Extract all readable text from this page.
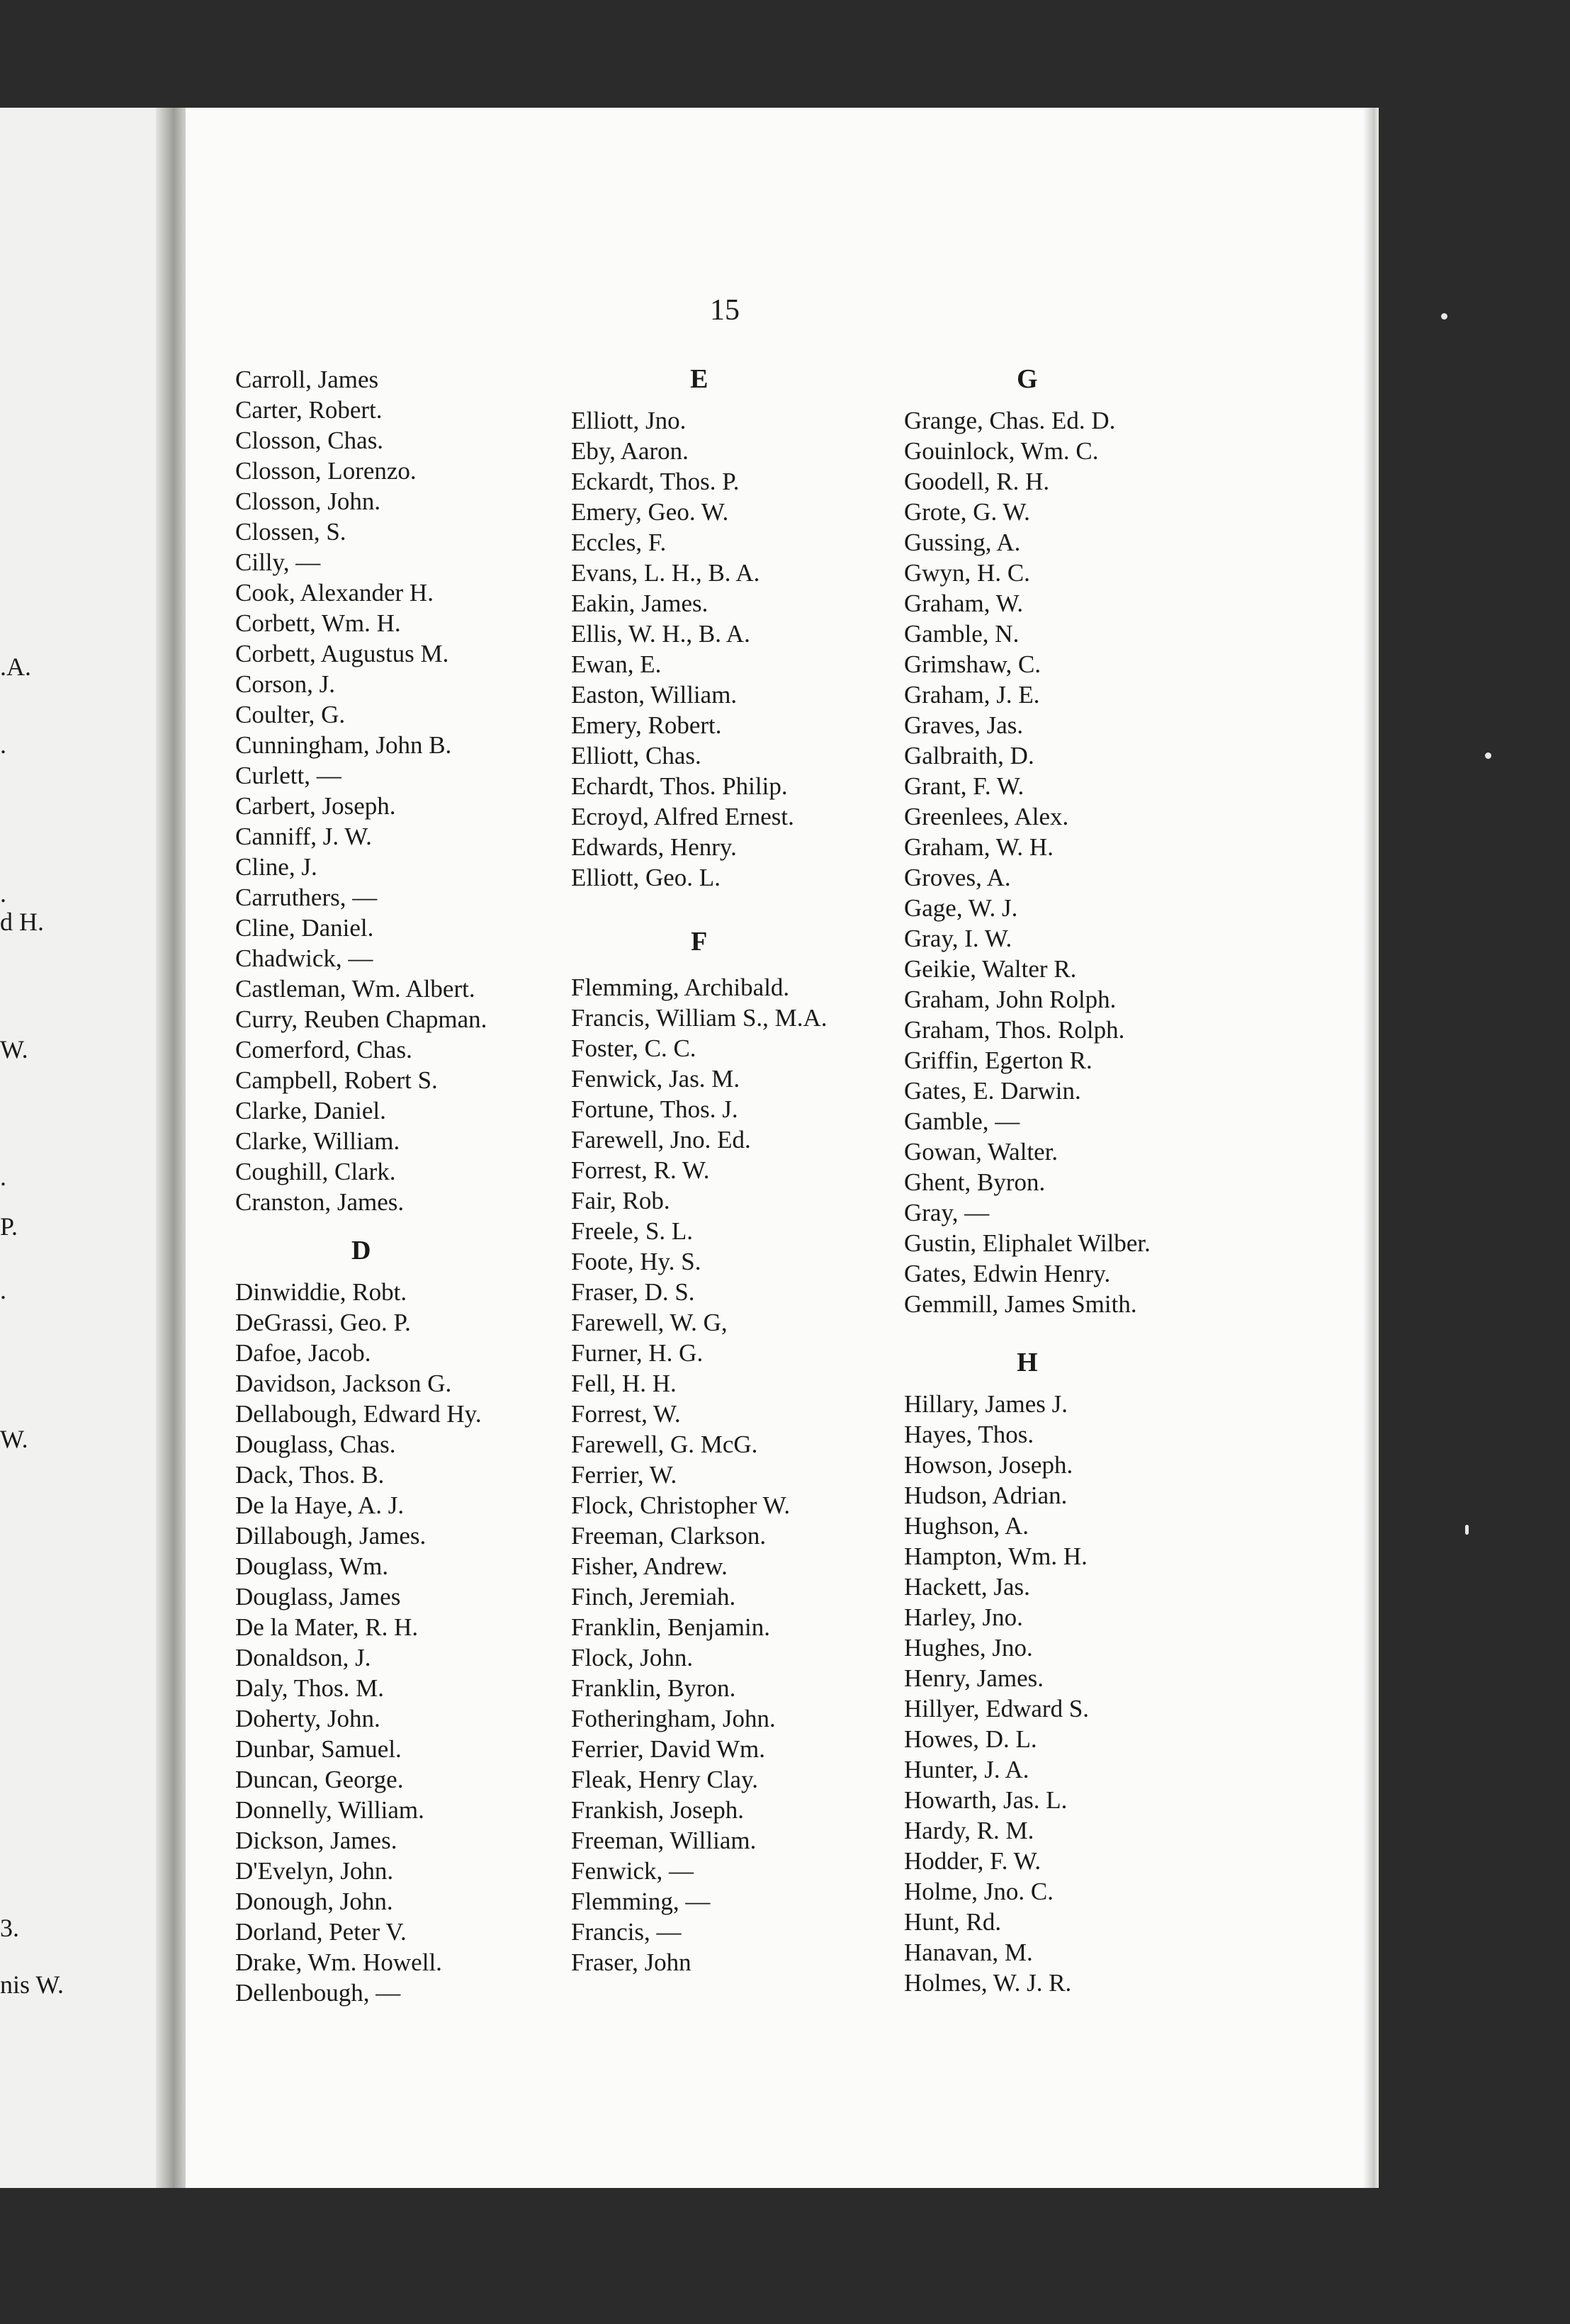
.A.
.
.
d H.
W.
.
P.
.
W.
3.
nis W.
15
Carroll, James
Carter, Robert.
Closson, Chas.
Closson, Lorenzo.
Closson, John.
Clossen, S.
Cilly, —
Cook, Alexander H.
Corbett, Wm. H.
Corbett, Augustus M.
Corson, J.
Coulter, G.
Cunningham, John B.
Curlett, —
Carbert, Joseph.
Canniff, J. W.
Cline, J.
Carruthers, —
Cline, Daniel.
Chadwick, —
Castleman, Wm. Albert.
Curry, Reuben Chapman.
Comerford, Chas.
Campbell, Robert S.
Clarke, Daniel.
Clarke, William.
Coughill, Clark.
Cranston, James.
D
Dinwiddie, Robt.
DeGrassi, Geo. P.
Dafoe, Jacob.
Davidson, Jackson G.
Dellabough, Edward Hy.
Douglass, Chas.
Dack, Thos. B.
De la Haye, A. J.
Dillabough, James.
Douglass, Wm.
Douglass, James
De la Mater, R. H.
Donaldson, J.
Daly, Thos. M.
Doherty, John.
Dunbar, Samuel.
Duncan, George.
Donnelly, William.
Dickson, James.
D'Evelyn, John.
Donough, John.
Dorland, Peter V.
Drake, Wm. Howell.
Dellenbough, —
E
Elliott, Jno.
Eby, Aaron.
Eckardt, Thos. P.
Emery, Geo. W.
Eccles, F.
Evans, L. H., B. A.
Eakin, James.
Ellis, W. H., B. A.
Ewan, E.
Easton, William.
Emery, Robert.
Elliott, Chas.
Echardt, Thos. Philip.
Ecroyd, Alfred Ernest.
Edwards, Henry.
Elliott, Geo. L.
F
Flemming, Archibald.
Francis, William S., M.A.
Foster, C. C.
Fenwick, Jas. M.
Fortune, Thos. J.
Farewell, Jno. Ed.
Forrest, R. W.
Fair, Rob.
Freele, S. L.
Foote, Hy. S.
Fraser, D. S.
Farewell, W. G,
Furner, H. G.
Fell, H. H.
Forrest, W.
Farewell, G. McG.
Ferrier, W.
Flock, Christopher W.
Freeman, Clarkson.
Fisher, Andrew.
Finch, Jeremiah.
Franklin, Benjamin.
Flock, John.
Franklin, Byron.
Fotheringham, John.
Ferrier, David Wm.
Fleak, Henry Clay.
Frankish, Joseph.
Freeman, William.
Fenwick, —
Flemming, —
Francis, —
Fraser, John
G
Grange, Chas. Ed. D.
Gouinlock, Wm. C.
Goodell, R. H.
Grote, G. W.
Gussing, A.
Gwyn, H. C.
Graham, W.
Gamble, N.
Grimshaw, C.
Graham, J. E.
Graves, Jas.
Galbraith, D.
Grant, F. W.
Greenlees, Alex.
Graham, W. H.
Groves, A.
Gage, W. J.
Gray, I. W.
Geikie, Walter R.
Graham, John Rolph.
Graham, Thos. Rolph.
Griffin, Egerton R.
Gates, E. Darwin.
Gamble, —
Gowan, Walter.
Ghent, Byron.
Gray, —
Gustin, Eliphalet Wilber.
Gates, Edwin Henry.
Gemmill, James Smith.
H
Hillary, James J.
Hayes, Thos.
Howson, Joseph.
Hudson, Adrian.
Hughson, A.
Hampton, Wm. H.
Hackett, Jas.
Harley, Jno.
Hughes, Jno.
Henry, James.
Hillyer, Edward S.
Howes, D. L.
Hunter, J. A.
Howarth, Jas. L.
Hardy, R. M.
Hodder, F. W.
Holme, Jno. C.
Hunt, Rd.
Hanavan, M.
Holmes, W. J. R.
